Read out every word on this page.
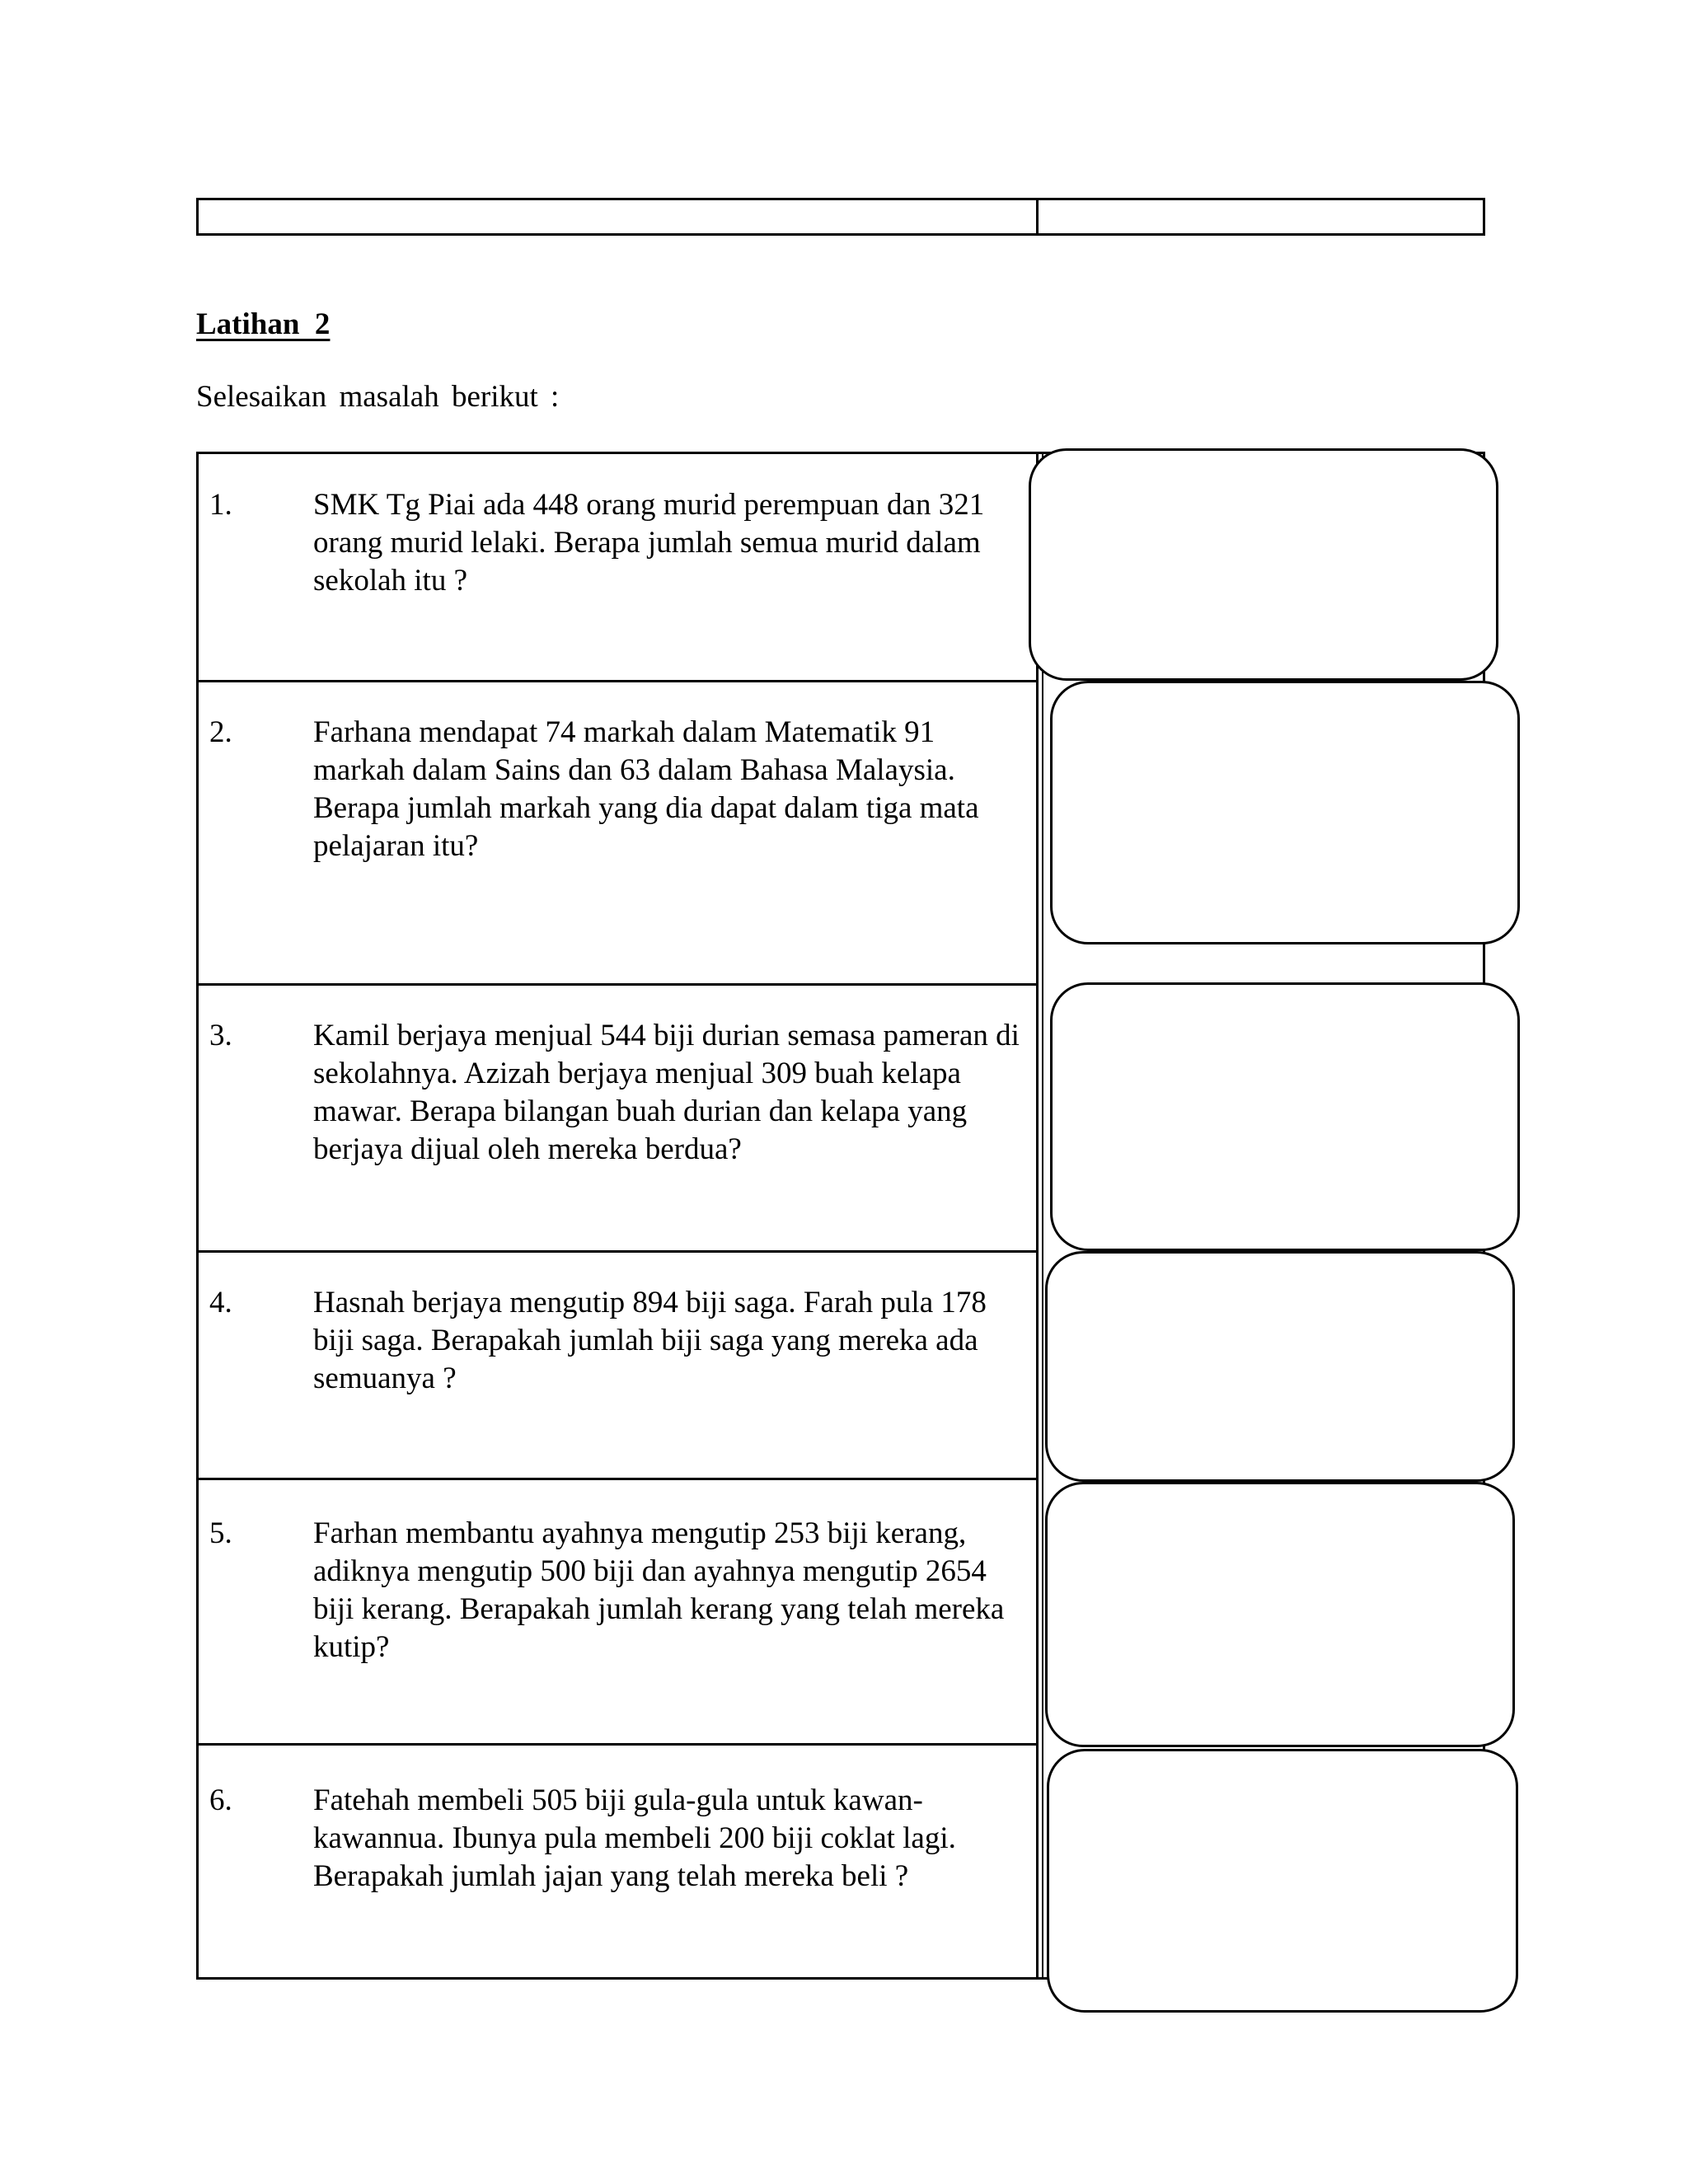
Latihan  2
Selesaikan masalah berikut :
1.	SMK Tg Piai ada 448 orang murid perempuan dan 321 orang murid lelaki. Berapa jumlah semua murid dalam sekolah itu ?
2.	Farhana mendapat 74 markah dalam Matematik 91 markah dalam Sains dan 63 dalam Bahasa Malaysia. Berapa jumlah markah yang dia dapat dalam tiga mata pelajaran itu?
3.	Kamil berjaya menjual 544 biji durian semasa pameran di sekolahnya. Azizah berjaya menjual 309 buah kelapa mawar. Berapa bilangan buah durian dan kelapa yang berjaya dijual oleh mereka berdua?
4.	Hasnah berjaya mengutip 894 biji saga. Farah pula 178 biji saga. Berapakah jumlah biji saga yang mereka ada semuanya ?
5.	Farhan membantu ayahnya mengutip 253 biji kerang, adiknya mengutip 500 biji dan ayahnya mengutip 2654 biji kerang. Berapakah jumlah kerang yang telah mereka kutip?
6.	Fatehah membeli 505 biji gula-gula untuk kawan-kawannua. Ibunya pula membeli 200 biji coklat lagi. Berapakah jumlah jajan yang telah mereka beli ?
